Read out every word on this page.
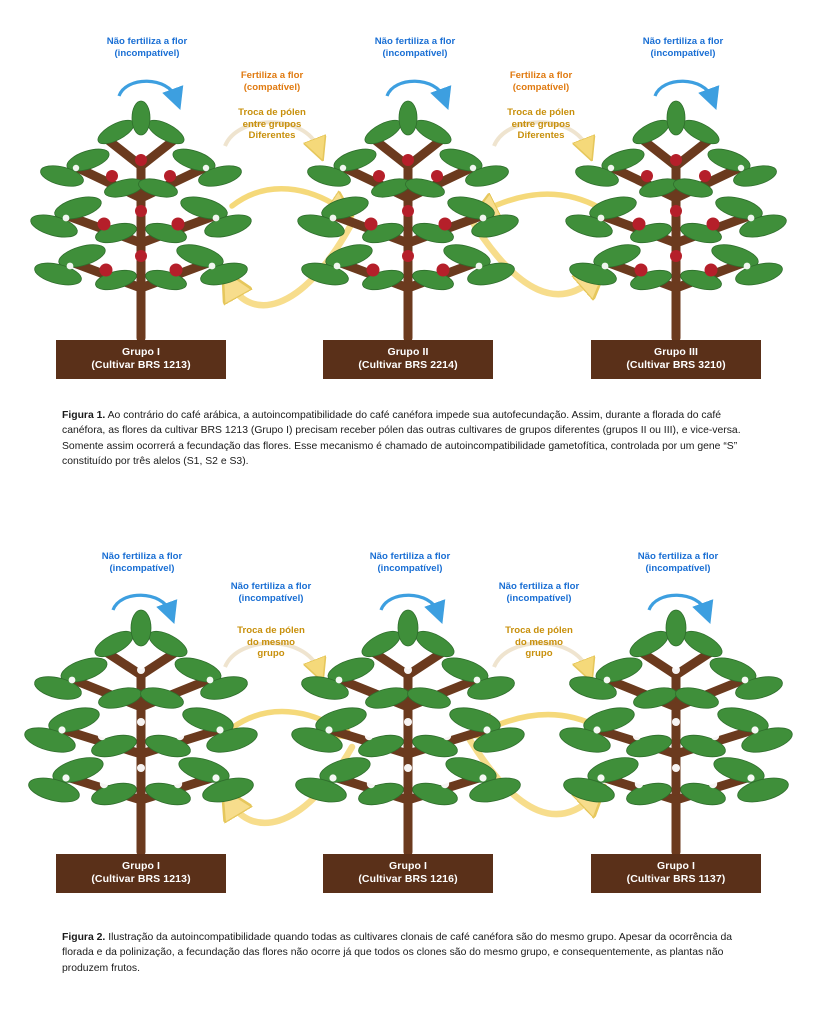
Grupo I
(Cultivar BRS 1213)
Grupo II
(Cultivar BRS 2214)
Grupo III
(Cultivar BRS 3210)
Não fertiliza a flor
(incompatível)
Não fertiliza a flor
(incompatível)
Não fertiliza a flor
(incompatível)
Fertiliza a flor
(compatível)
Troca de pólen
entre grupos
Diferentes
Fertiliza a flor
(compatível)
Troca de pólen
entre grupos
Diferentes
Figura 1. Ao contrário do café arábica, a autoincompatibilidade do café canéfora impede sua autofecundação. Assim, durante a florada do café canéfora, as flores da cultivar BRS 1213 (Grupo I) precisam receber pólen das outras cultivares de grupos diferentes (grupos II ou III), e vice-versa. Somente assim ocorrerá a fecundação das flores. Esse mecanismo é chamado de autoincompatibilidade gametofítica, controlada por um gene “S” constituído por três alelos (S1, S2 e S3).
Grupo I
(Cultivar BRS 1213)
Grupo I
(Cultivar BRS 1216)
Grupo I
(Cultivar BRS 1137)
Não fertiliza a flor
(incompatível)
Não fertiliza a flor
(incompatível)
Não fertiliza a flor
(incompatível)
Não fertiliza a flor
(incompatível)
Troca de pólen
do mesmo
grupo
Não fertiliza a flor
(incompatível)
Troca de pólen
do mesmo
grupo
Figura 2. Ilustração da autoincompatibilidade quando todas as cultivares clonais de café canéfora são do mesmo grupo. Apesar da ocorrência da florada e da polinização, a fecundação das flores não ocorre já que todos os clones são do mesmo grupo, e consequentemente, as plantas não produzem frutos.
